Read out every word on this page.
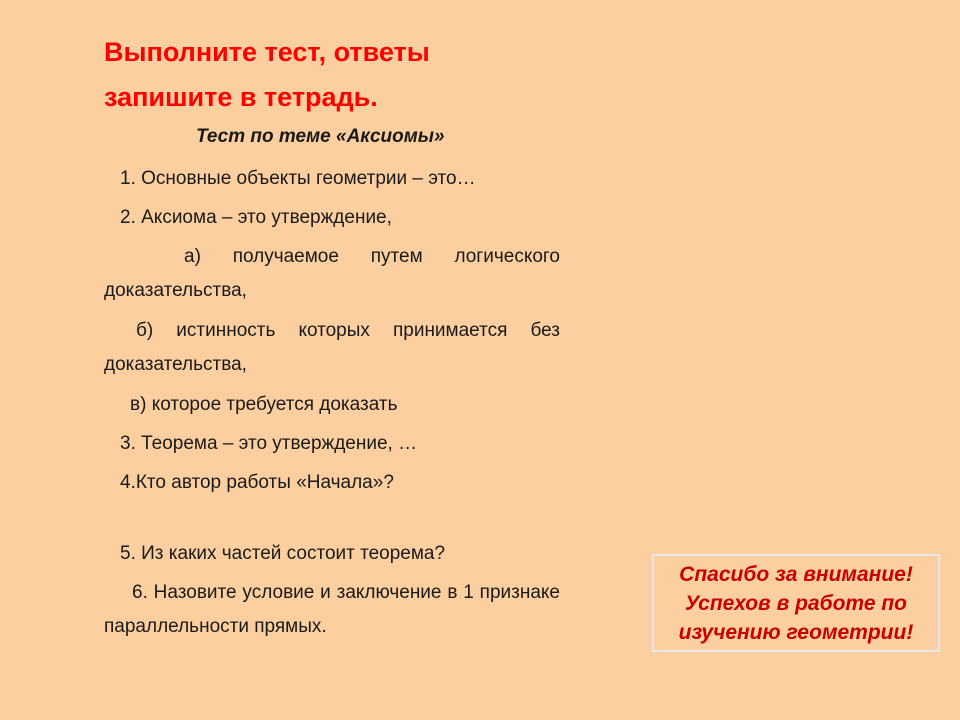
Выполните тест, ответы запишите в тетрадь.

Тест по теме «Аксиомы»

1. Основные объекты геометрии – это…

2. Аксиома – это утверждение,

а) получаемое путем логического доказательства,

б) истинность которых принимается без доказательства,

в) которое требуется доказать

3. Теорема – это утверждение, …

4.Кто автор работы «Начала»?

5. Из каких частей состоит теорема?

6. Назовите условие и заключение в 1 признаке параллельности прямых.

Спасибо за внимание!
Успехов в работе по изучению геометрии!
